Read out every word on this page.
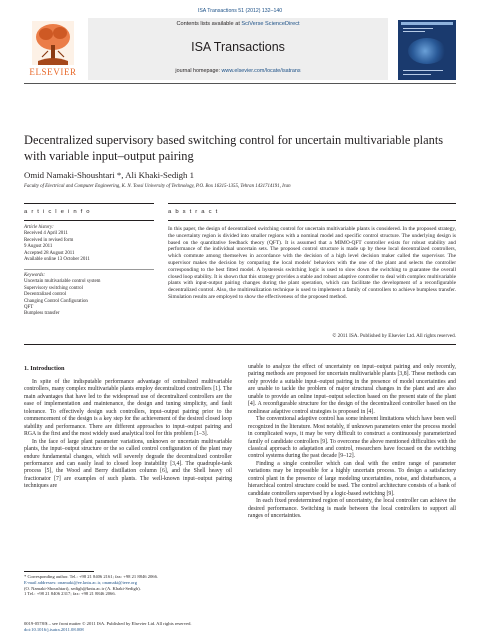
ISA Transactions 51 (2012) 132–140
ELSEVIER
Contents lists available at SciVerse ScienceDirect
ISA Transactions
journal homepage: www.elsevier.com/locate/isatrans
Decentralized supervisory based switching control for uncertain multivariable plants with variable input–output pairing
Omid Namaki-Shoushtari *, Ali Khaki-Sedigh 1
Faculty of Electrical and Computer Engineering, K. N. Toosi University of Technology, P.O. Box 16315-1355, Tehran 1431714191, Iran
a r t i c l e i n f o	a b s t r a c t
Article history:
Received 4 April 2011
Received in revised form
9 August 2011
Accepted 28 August 2011
Available online 13 October 2011
Keywords:
Uncertain multivariable control system
Supervisory switching control
Decentralized control
Changing Control Configuration
QFT
Bumpless transfer
In this paper, the design of decentralized switching control for uncertain multivariable plants is considered. In the proposed strategy, the uncertainty region is divided into smaller regions with a nominal model and specific control structure. The underlying design is based on the quantitative feedback theory (QFT). It is assumed that a MIMO-QFT controller exists for robust stability and performance of the individual uncertain sets. The proposed control structure is made up by these local decentralized controllers, which commute among themselves in accordance with the decision of a high level decision maker called the supervisor. The supervisor makes the decision by comparing the local models' behaviors with the one of the plant and selects the controller corresponding to the best fitted model. A hysteresis switching logic is used to slow down the switching to guarantee the overall closed loop stability. It is shown that this strategy provides a stable and robust adaptive controller to deal with complex multivariable plants with input-output pairing changes during the plant operation, which can facilitate the development of a reconfigurable decentralized control. Also, the multirealization technique is used to implement a family of controllers to achieve bumpless transfer. Simulation results are employed to show the effectiveness of the proposed method.
© 2011 ISA. Published by Elsevier Ltd. All rights reserved.
1. Introduction

In spite of the indisputable performance advantage of centralized multivariable controllers, many complex multivariable plants employ decentralized controllers [1]. The main advantages that have led to the widespread use of decentralized controllers are the ease of implementation and maintenance, the design and tuning simplicity, and fault tolerance. To effectively design such controllers, input–output pairing prior to the commencement of the design is a key step for the achievement of the desired closed loop stability and performance. There are different approaches to input–output pairing and RGA is the first and the most widely used analytical tool for this problem [1–3].

In the face of large plant parameter variations, unknown or uncertain multivariable plants, the input–output structure or the so called control configuration of the plant may endure fundamental changes, which will severely degrade the decentralized controller performance and can easily lead to closed loop instability [3,4]. The quadruple-tank process [5], the Wood and Berry distillation column [6], and the Shell heavy oil fractionator [7] are examples of such plants. The well-known input–output pairing techniques are

unable to analyze the effect of uncertainty on input–output pairing and only recently, pairing methods are proposed for uncertain multivariable plants [3,8]. These methods can only provide a suitable input–output pairing in the presence of model uncertainties and are unable to tackle the problem of major structural changes in the plant and are also unable to provide an online input–output selection based on the present state of the plant [4]. A reconfigurable structure for the design of the decentralized controller based on the nonlinear adaptive control strategies is proposed in [4].

The conventional adaptive control has some inherent limitations which have been well recognized in the literature. Most notably, if unknown parameters enter the process model in complicated ways, it may be very difficult to construct a continuously parameterized family of candidate controllers [9]. To overcome the above mentioned difficulties with the classical approach to adaptation and control, researchers have focused on the switching control systems during the past decade [9–12].

Finding a single controller which can deal with the entire range of parameter variations may be impossible for a highly uncertain process. To design a satisfactory control plant in the presence of large modeling uncertainties, noise, and disturbances, a hierarchical control structure could be used. The control architecture consists of a bank of candidate controllers supervised by a logic-based switching [9].

In each fixed predetermined region of uncertainty, the local controller can achieve the desired performance. Switching is made between the local controllers to support all ranges of uncertainties.

* Corresponding author. Tel.: +98 21 8406 2161; fax: +98 21 8846 2066.
E-mail addresses: onamaki@ee.kntu.ac.ir, onamaki@ieee.org
(O. Namaki-Shoushtari), sedigh@kntu.ac.ir (A. Khaki-Sedigh).
1 Tel.: +98 21 8406 2317; fax: +98 21 8846 2066.
0019-0578/$ – see front matter © 2011 ISA. Published by Elsevier Ltd. All rights reserved.
doi:10.1016/j.isatra.2011.08.008
